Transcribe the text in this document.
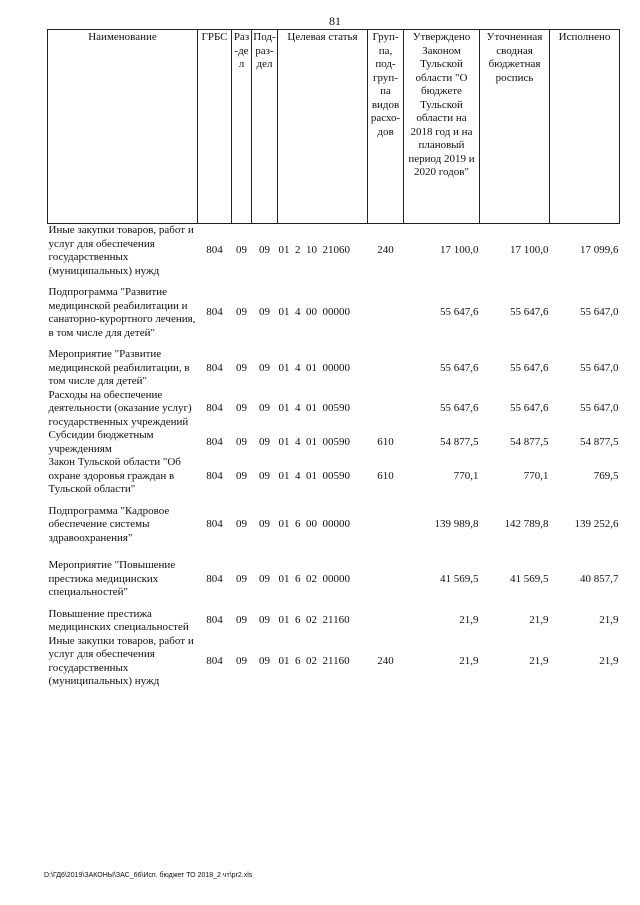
81
Наименование	ГРБС	Раз-дел	Под-раз-дел	Целевая статья	Груп-па, под-груп-па видов расхо-дов	Утверждено Законом Тульской области "О бюджете Тульской области на 2018 год и на плановый период 2019 и 2020 годов"	Уточненная сводная бюджетная роспись	Исполнено
Иные закупки товаров, работ и услуг для обеспечения государственных (муниципальных) нужд	804	09	09	01  2  10  21060	240	17 100,0	17 100,0	17 099,6

Подпрограмма "Развитие медицинской реабилитации и санаторно-курортного лечения, в том числе для детей"	804	09	09	01  4  00  00000		55 647,6	55 647,6	55 647,0

Мероприятие "Развитие медицинской реабилитации, в том числе для детей"	804	09	09	01  4  01  00000		55 647,6	55 647,6	55 647,0
Расходы на обеспечение деятельности (оказание услуг) государственных учреждений	804	09	09	01  4  01  00590		55 647,6	55 647,6	55 647,0
Субсидии бюджетным учреждениям	804	09	09	01  4  01  00590	610	54 877,5	54 877,5	54 877,5
Закон Тульской области "Об охране здоровья граждан в Тульской области"	804	09	09	01  4  01  00590	610	770,1	770,1	769,5

Подпрограмма "Кадровое обеспечение системы здравоохранения"	804	09	09	01  6  00  00000		139 989,8	142 789,8	139 252,6

Мероприятие "Повышение престижа медицинских специальностей"	804	09	09	01  6  02  00000		41 569,5	41 569,5	40 857,7

Повышение престижа медицинских специальностей	804	09	09	01  6  02  21160		21,9	21,9	21,9
Иные закупки товаров, работ и услуг для обеспечения государственных (муниципальных) нужд	804	09	09	01  6  02  21160	240	21,9	21,9	21,9
D:\ГД6\2019\ЗАКОНЫ\ЗАС_66\Исп. бюджет ТО 2018_2 чт\pr2.xls
